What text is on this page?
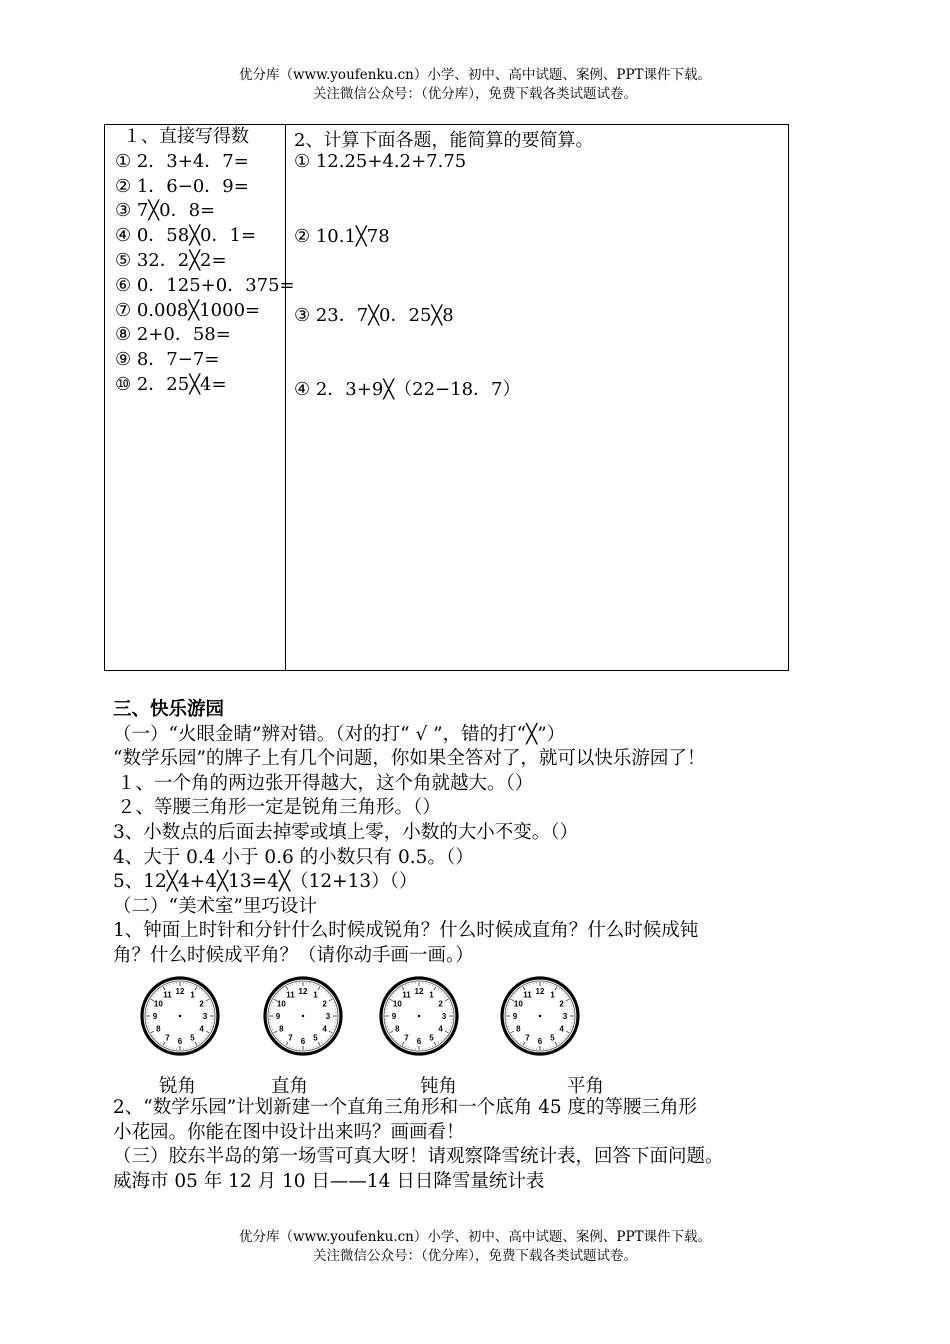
优分库（www.youfenku.cn）小学、初中、高中试题、案例、PPT课件下载。
关注微信公众号：（优分库），免费下载各类试题试卷。
１、直接写得数
① 2．3+4．7=
② 1．6−0．9=
③ 7╳0．8=
④ 0．58╳0．1=
⑤ 32．2╳2=
⑥ 0．125+0．375=
⑦ 0.008╳1000=
⑧ 2+0．58=
⑨ 8．7−7=
⑩ 2．25╳4=

2、计算下面各题，能简算的要简算。
① 12.25+4.2+7.75
② 10.1╳78
③ 23．7╳0．25╳8
④ 2．3+9╳（22−18．7）
三、快乐游园
（一）“火眼金睛”辨对错。（对的打“ √ ”，错的打“╳”）
“数学乐园”的牌子上有几个问题，你如果全答对了，就可以快乐游园了！
１、一个角的两边张开得越大，这个角就越大。（）
２、等腰三角形一定是锐角三角形。（）
3、小数点的后面去掉零或填上零，小数的大小不变。（）
4、大于 0.4 小于 0.6 的小数只有 0.5。（）
5、12╳4+4╳13=4╳（12+13）（）
（二）“美术室”里巧设计
1、钟面上时针和分针什么时候成锐角？什么时候成直角？什么时候成钝
角？什么时候成平角？（请你动手画一画。）
1
2
3
4
5
6
7
8
9
10
11 12	1
2
3
4
5
6
7
8
9
10
11 12	1
2
3
4
5
6
7
8
9
10
11 12	1
2
3
4
5
6
7
8
9
10
11 12
锐角	直角	钝角	平角
2、“数学乐园”计划新建一个直角三角形和一个底角 45 度的等腰三角形
小花园。你能在图中设计出来吗？画画看！
（三）胶东半岛的第一场雪可真大呀！请观察降雪统计表，回答下面问题。
威海市 05 年 12 月 10 日——14 日日降雪量统计表
优分库（www.youfenku.cn）小学、初中、高中试题、案例、PPT课件下载。
关注微信公众号：（优分库），免费下载各类试题试卷。
